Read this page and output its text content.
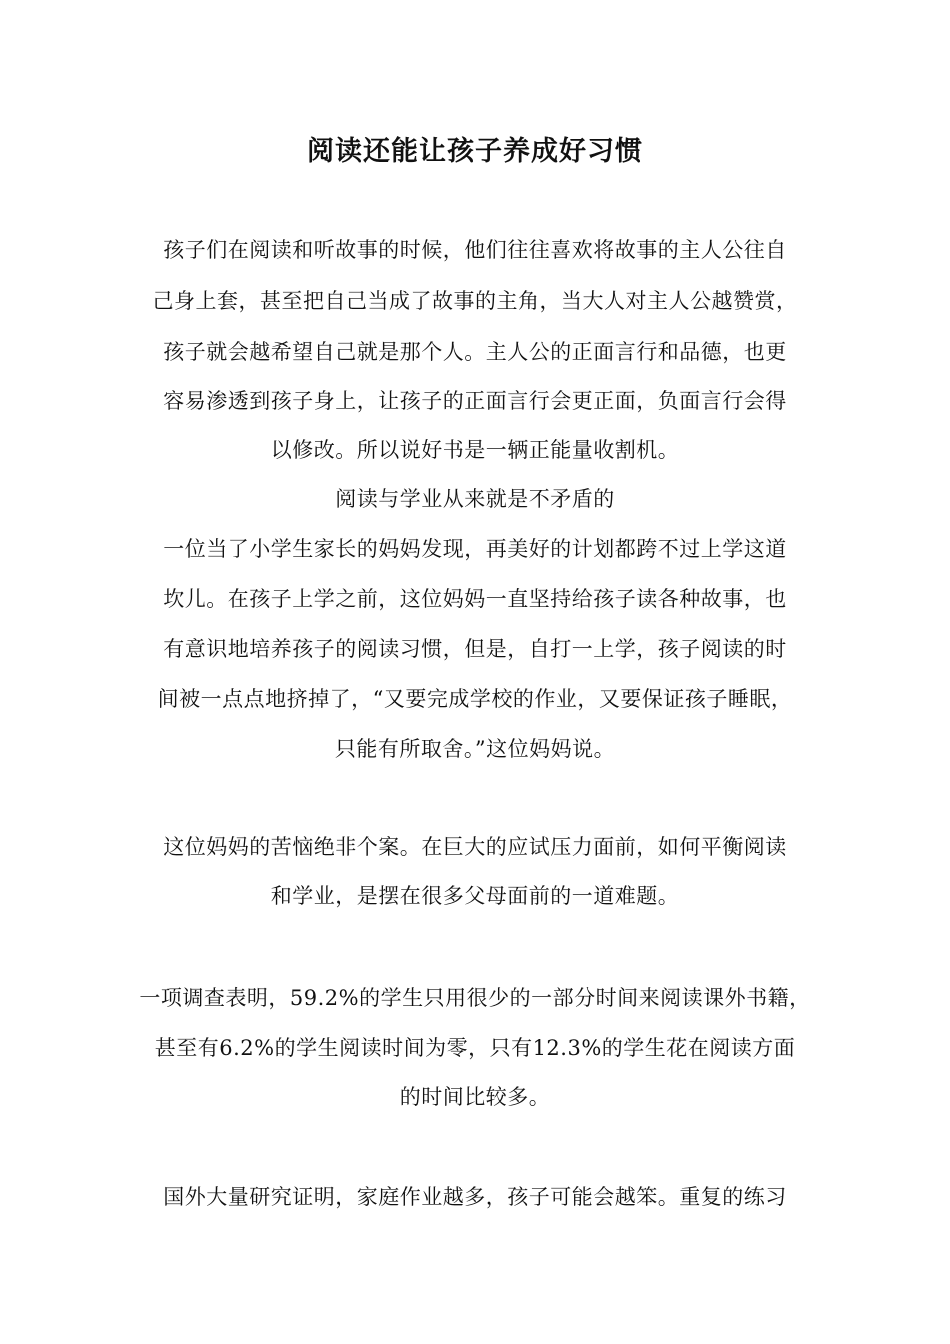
阅读还能让孩子养成好习惯
孩子们在阅读和听故事的时候，他们往往喜欢将故事的主人公往自
己身上套，甚至把自己当成了故事的主角，当大人对主人公越赞赏，
孩子就会越希望自己就是那个人。主人公的正面言行和品德，也更
容易渗透到孩子身上，让孩子的正面言行会更正面，负面言行会得
以修改。所以说好书是一辆正能量收割机。
阅读与学业从来就是不矛盾的
一位当了小学生家长的妈妈发现，再美好的计划都跨不过上学这道
坎儿。在孩子上学之前，这位妈妈一直坚持给孩子读各种故事，也
有意识地培养孩子的阅读习惯，但是，自打一上学，孩子阅读的时
间被一点点地挤掉了，“又要完成学校的作业，又要保证孩子睡眠，
只能有所取舍。”这位妈妈说。
这位妈妈的苦恼绝非个案。在巨大的应试压力面前，如何平衡阅读
和学业，是摆在很多父母面前的一道难题。
一项调查表明，59.2%的学生只用很少的一部分时间来阅读课外书籍，
甚至有6.2%的学生阅读时间为零，只有12.3%的学生花在阅读方面
的时间比较多。
国外大量研究证明，家庭作业越多，孩子可能会越笨。重复的练习
